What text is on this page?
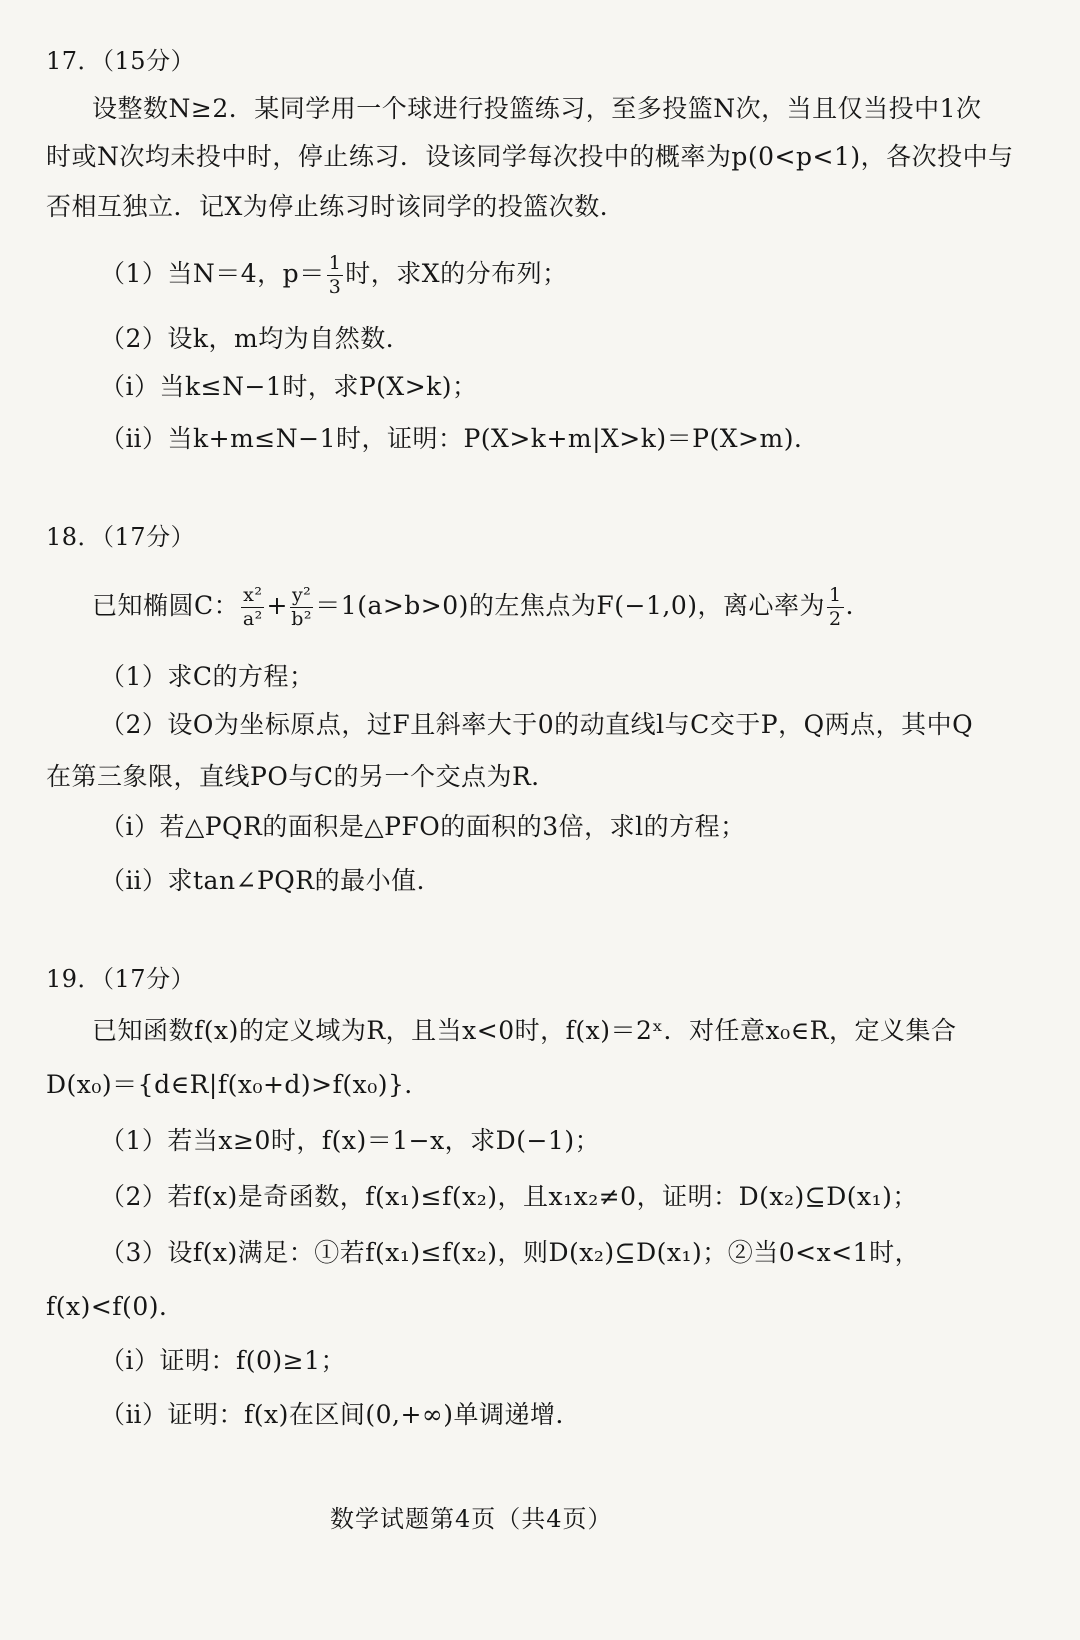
17．（15分）
设整数N≥2．某同学用一个球进行投篮练习，至多投篮N次，当且仅当投中1次
时或N次均未投中时，停止练习．设该同学每次投中的概率为p(0<p<1)，各次投中与
否相互独立．记X为停止练习时该同学的投篮次数．
（1）当N＝4，$p= \frac{1}{3}$ 时，求X的分布列；
（2）设k，m均为自然数．
（ⅰ）当k≤N−1时，求P(X>k)；
（ⅱ）当k+m≤N−1时，证明：P(X>k+m|X>k)＝P(X>m)．
18．（17分）
已知椭圆C： $\frac{\text{x²}}{\text{a²}} + \frac{\text{y²}}{\text{b²}} =1(a>b>0)$的左焦点为F(−1,0)，离心率为 $\frac{1}{2}$ ．
（1）求C的方程；
（2）设O为坐标原点，过F且斜率大于0的动直线l与C交于P，Q两点，其中Q
在第三象限，直线PO与C的另一个交点为R．
（ⅰ）若△PQR的面积是△PFO的面积的3倍，求l的方程；
（ⅱ）求tan∠PQR的最小值．
19．（17分）
已知函数f(x)的定义域为R，且当x<0时，f(x)＝2ˣ．对任意x₀∈R，定义集合
D(x₀)＝{d∈R|f(x₀+d)>f(x₀)}．
（1）若当x≥0时，f(x)＝1−x，求D(−1)；
（2）若f(x)是奇函数，f(x₁)≤f(x₂)，且x₁x₂≠0，证明：D(x₂)⊆D(x₁)；
（3）设f(x)满足：①若f(x₁)≤f(x₂)，则D(x₂)⊆D(x₁)；②当0<x<1时，
f(x)<f(0)．
（ⅰ）证明：f(0)≥1；
（ⅱ）证明：f(x)在区间(0,+∞)单调递增．
数学试题第4页（共4页）
